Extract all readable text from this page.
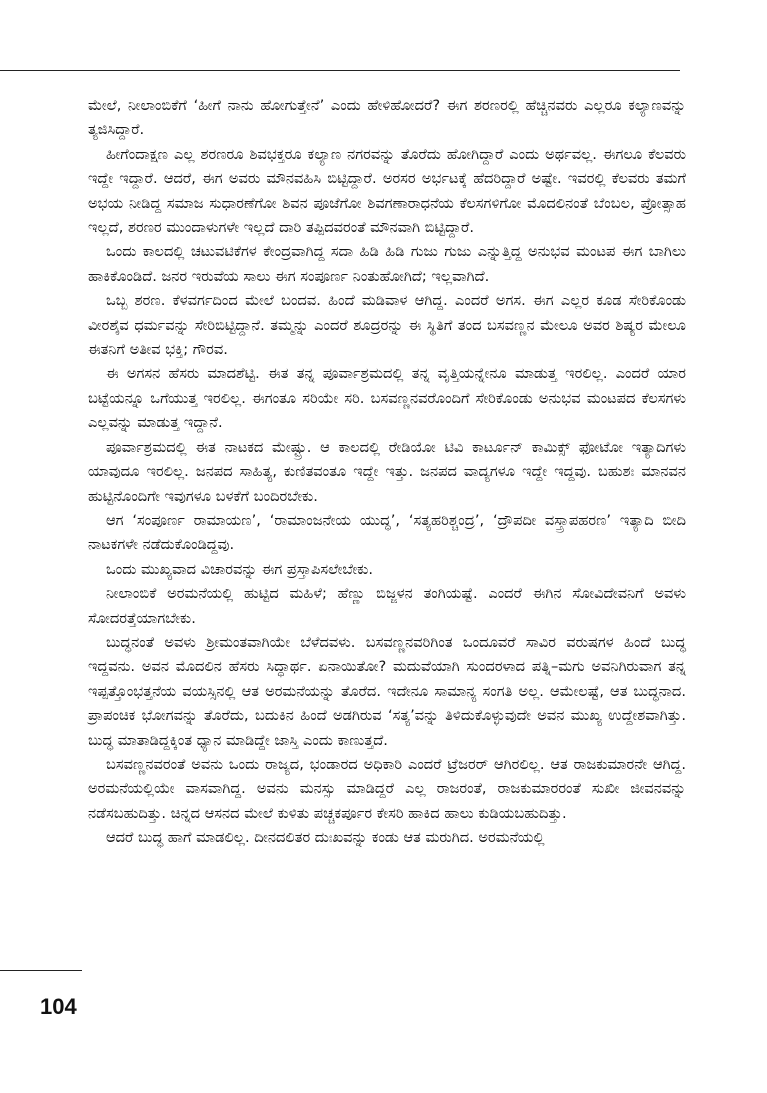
ಮೇಲೆ, ನೀಲಾಂಬಿಕೆಗೆ ‘ಹೀಗೆ ನಾನು ಹೋಗುತ್ತೇನೆ’ ಎಂದು ಹೇಳಿಹೋದರೆ? ಈಗ ಶರಣರಲ್ಲಿ ಹೆಚ್ಚಿನವರು ಎಲ್ಲರೂ ಕಲ್ಯಾಣವನ್ನು ತ್ಯಜಿಸಿದ್ದಾರೆ.

ಹೀಗೆಂದಾಕ್ಷಣ ಎಲ್ಲ ಶರಣರೂ ಶಿವಭಕ್ತರೂ ಕಲ್ಯಾಣ ನಗರವನ್ನು ತೊರೆದು ಹೋಗಿದ್ದಾರೆ ಎಂದು ಅರ್ಥವಲ್ಲ. ಈಗಲೂ ಕೆಲವರು ಇದ್ದೇ ಇದ್ದಾರೆ. ಆದರೆ, ಈಗ ಅವರು ಮೌನವಹಿಸಿ ಬಿಟ್ಟಿದ್ದಾರೆ. ಅರಸರ ಅರ್ಭಟಕ್ಕೆ ಹೆದರಿದ್ದಾರೆ ಅಷ್ಟೇ. ಇವರಲ್ಲಿ ಕೆಲವರು ತಮಗೆ ಅಭಯ ನೀಡಿದ್ದ ಸಮಾಜ ಸುಧಾರಣೆಗೋ ಶಿವನ ಪೂಜೆಗೋ ಶಿವಗಣಾರಾಧನೆಯ ಕೆಲಸಗಳಿಗೋ ಮೊದಲಿನಂತೆ ಬೆಂಬಲ, ಪ್ರೋತ್ಸಾಹ ಇಲ್ಲದೆ, ಶರಣರ ಮುಂದಾಳುಗಳೇ ಇಲ್ಲದೆ ದಾರಿ ತಪ್ಪಿದವರಂತೆ ಮೌನವಾಗಿ ಬಿಟ್ಟಿದ್ದಾರೆ.

ಒಂದು ಕಾಲದಲ್ಲಿ ಚಟುವಟಿಕೆಗಳ ಕೇಂದ್ರವಾಗಿದ್ದ ಸದಾ ಹಿಡಿ ಹಿಡಿ ಗುಜು ಗುಜು ಎನ್ನುತ್ತಿದ್ದ ಅನುಭವ ಮಂಟಪ ಈಗ ಬಾಗಿಲು ಹಾಕಿಕೊಂಡಿದೆ. ಜನರ ಇರುವೆಯ ಸಾಲು ಈಗ ಸಂಪೂರ್ಣ ನಿಂತುಹೋಗಿದೆ; ಇಲ್ಲವಾಗಿದೆ.

ಒಬ್ಬ ಶರಣ. ಕೆಳವರ್ಗದಿಂದ ಮೇಲೆ ಬಂದವ. ಹಿಂದೆ ಮಡಿವಾಳ ಆಗಿದ್ದ. ಎಂದರೆ ಅಗಸ. ಈಗ ಎಲ್ಲರ ಕೂಡ ಸೇರಿಕೊಂಡು ವೀರಶೈವ ಧರ್ಮವನ್ನು ಸೇರಿಬಿಟ್ಟಿದ್ದಾನೆ. ತಮ್ಮನ್ನು ಎಂದರೆ ಶೂದ್ರರನ್ನು ಈ ಸ್ಥಿತಿಗೆ ತಂದ ಬಸವಣ್ಣನ ಮೇಲೂ ಅವರ ಶಿಷ್ಯರ ಮೇಲೂ ಈತನಿಗೆ ಅತೀವ ಭಕ್ತಿ; ಗೌರವ.

ಈ ಅಗಸನ ಹೆಸರು ಮಾದಶೆಟ್ಟಿ. ಈತ ತನ್ನ ಪೂರ್ವಾಶ್ರಮದಲ್ಲಿ ತನ್ನ ವೃತ್ತಿಯನ್ನೇನೂ ಮಾಡುತ್ತ ಇರಲಿಲ್ಲ. ಎಂದರೆ ಯಾರ ಬಟ್ಟೆಯನ್ನೂ ಒಗೆಯುತ್ತ ಇರಲಿಲ್ಲ. ಈಗಂತೂ ಸರಿಯೇ ಸರಿ. ಬಸವಣ್ಣನವರೊಂದಿಗೆ ಸೇರಿಕೊಂಡು ಅನುಭವ ಮಂಟಪದ ಕೆಲಸಗಳು ಎಲ್ಲವನ್ನು ಮಾಡುತ್ತ ಇದ್ದಾನೆ.

ಪೂರ್ವಾಶ್ರಮದಲ್ಲಿ ಈತ ನಾಟಕದ ಮೇಷ್ಟ್ರು. ಆ ಕಾಲದಲ್ಲಿ ರೇಡಿಯೋ ಟಿವಿ ಕಾರ್ಟೂನ್ ಕಾಮಿಕ್ಸ್ ಫೋಟೋ ಇತ್ಯಾದಿಗಳು ಯಾವುದೂ ಇರಲಿಲ್ಲ. ಜನಪದ ಸಾಹಿತ್ಯ, ಕುಣಿತವಂತೂ ಇದ್ದೇ ಇತ್ತು. ಜನಪದ ವಾದ್ಯಗಳೂ ಇದ್ದೇ ಇದ್ದವು. ಬಹುಶಃ ಮಾನವನ ಹುಟ್ಟಿನೊಂದಿಗೇ ಇವುಗಳೂ ಬಳಕೆಗೆ ಬಂದಿರಬೇಕು.

ಆಗ ‘ಸಂಪೂರ್ಣ ರಾಮಾಯಣ’, ‘ರಾಮಾಂಜನೇಯ ಯುದ್ಧ’, ‘ಸತ್ಯಹರಿಶ್ಚಂದ್ರ’, ‘ದ್ರೌಪದೀ ವಸ್ತ್ರಾಪಹರಣ’ ಇತ್ಯಾದಿ ಬೀದಿ ನಾಟಕಗಳೇ ನಡೆದುಕೊಂಡಿದ್ದವು.

ಒಂದು ಮುಖ್ಯವಾದ ವಿಚಾರವನ್ನು ಈಗ ಪ್ರಸ್ತಾಪಿಸಲೇಬೇಕು.

ನೀಲಾಂಬಿಕೆ ಅರಮನೆಯಲ್ಲಿ ಹುಟ್ಟಿದ ಮಹಿಳೆ; ಹೆಣ್ಣು ಬಿಜ್ಜಳನ ತಂಗಿಯಷ್ಟೆ. ಎಂದರೆ ಈಗಿನ ಸೋವಿದೇವನಿಗೆ ಅವಳು ಸೋದರತ್ತೆಯಾಗಬೇಕು.

ಬುದ್ಧನಂತೆ ಅವಳು ಶ್ರೀಮಂತವಾಗಿಯೇ ಬೆಳೆದವಳು. ಬಸವಣ್ಣನವರಿಗಿಂತ ಒಂದೂವರೆ ಸಾವಿರ ವರುಷಗಳ ಹಿಂದೆ ಬುದ್ಧ ಇದ್ದವನು. ಅವನ ಮೊದಲಿನ ಹೆಸರು ಸಿದ್ಧಾರ್ಥ. ಏನಾಯಿತೋ? ಮದುವೆಯಾಗಿ ಸುಂದರಳಾದ ಪತ್ನಿ–ಮಗು ಅವನಿಗಿರುವಾಗ ತನ್ನ ಇಪ್ಪತ್ತೊಂಭತ್ತನೆಯ ವಯಸ್ಸಿನಲ್ಲಿ ಆತ ಅರಮನೆಯನ್ನು ತೊರೆದ. ಇದೇನೂ ಸಾಮಾನ್ಯ ಸಂಗತಿ ಅಲ್ಲ. ಆಮೇಲಷ್ಟೆ, ಆತ ಬುದ್ಧನಾದ. ಪ್ರಾಪಂಚಿಕ ಭೋಗವನ್ನು ತೊರೆದು, ಬದುಕಿನ ಹಿಂದೆ ಅಡಗಿರುವ ‘ಸತ್ಯ’ವನ್ನು ತಿಳಿದುಕೊಳ್ಳುವುದೇ ಅವನ ಮುಖ್ಯ ಉದ್ದೇಶವಾಗಿತ್ತು. ಬುದ್ಧ ಮಾತಾಡಿದ್ದಕ್ಕಿಂತ ಧ್ಯಾನ ಮಾಡಿದ್ದೇ ಜಾಸ್ತಿ ಎಂದು ಕಾಣುತ್ತದೆ.

ಬಸವಣ್ಣನವರಂತೆ ಅವನು ಒಂದು ರಾಜ್ಯದ, ಭಂಡಾರದ ಅಧಿಕಾರಿ ಎಂದರೆ ಟ್ರೆಜರರ್ ಆಗಿರಲಿಲ್ಲ. ಆತ ರಾಜಕುಮಾರನೇ ಆಗಿದ್ದ. ಅರಮನೆಯಲ್ಲಿಯೇ ವಾಸವಾಗಿದ್ದ. ಅವನು ಮನಸ್ಸು ಮಾಡಿದ್ದರೆ ಎಲ್ಲ ರಾಜರಂತೆ, ರಾಜಕುಮಾರರಂತೆ ಸುಖೀ ಜೀವನವನ್ನು ನಡೆಸಬಹುದಿತ್ತು. ಚಿನ್ನದ ಆಸನದ ಮೇಲೆ ಕುಳಿತು ಪಚ್ಚಕರ್ಪೂರ ಕೇಸರಿ ಹಾಕಿದ ಹಾಲು ಕುಡಿಯಬಹುದಿತ್ತು.

ಆದರೆ ಬುದ್ಧ ಹಾಗೆ ಮಾಡಲಿಲ್ಲ. ದೀನದಲಿತರ ದುಃಖವನ್ನು ಕಂಡು ಆತ ಮರುಗಿದ. ಅರಮನೆಯಲ್ಲಿ

104
